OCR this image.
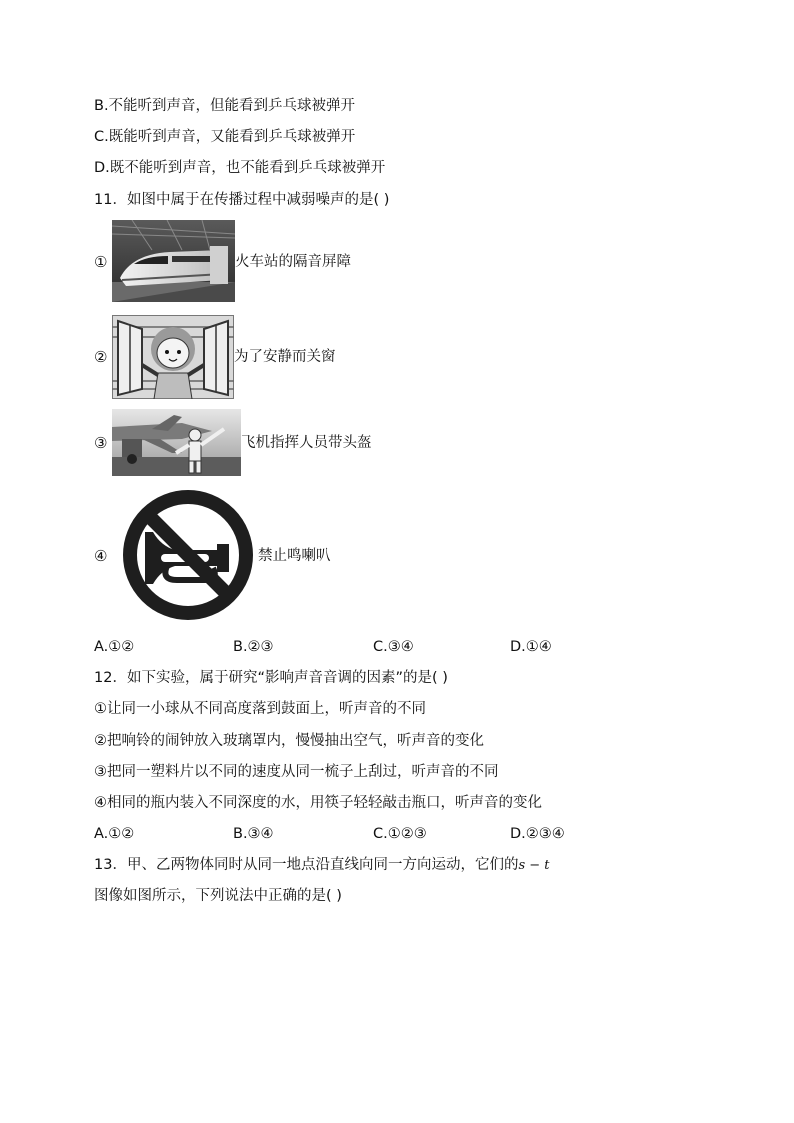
B.不能听到声音，但能看到乒乓球被弹开
C.既能听到声音，又能看到乒乓球被弹开
D.既不能听到声音，也不能看到乒乓球被弹开
11．如图中属于在传播过程中减弱噪声的是( )
①	火车站的隔音屏障
②	为了安静而关窗
③	飞机指挥人员带头盔
④	禁止鸣喇叭
A.①②	B.②③	C.③④	D.①④
12．如下实验，属于研究“影响声音音调的因素”的是( )
①让同一小球从不同高度落到鼓面上，听声音的不同
②把响铃的闹钟放入玻璃罩内，慢慢抽出空气，听声音的变化
③把同一塑料片以不同的速度从同一梳子上刮过，听声音的不同
④相同的瓶内装入不同深度的水，用筷子轻轻敲击瓶口，听声音的变化
A.①②	B.③④	C.①②③	D.②③④
13．甲、乙两物体同时从同一地点沿直线向同一方向运动，它们的s − t
图像如图所示，下列说法中正确的是( )
